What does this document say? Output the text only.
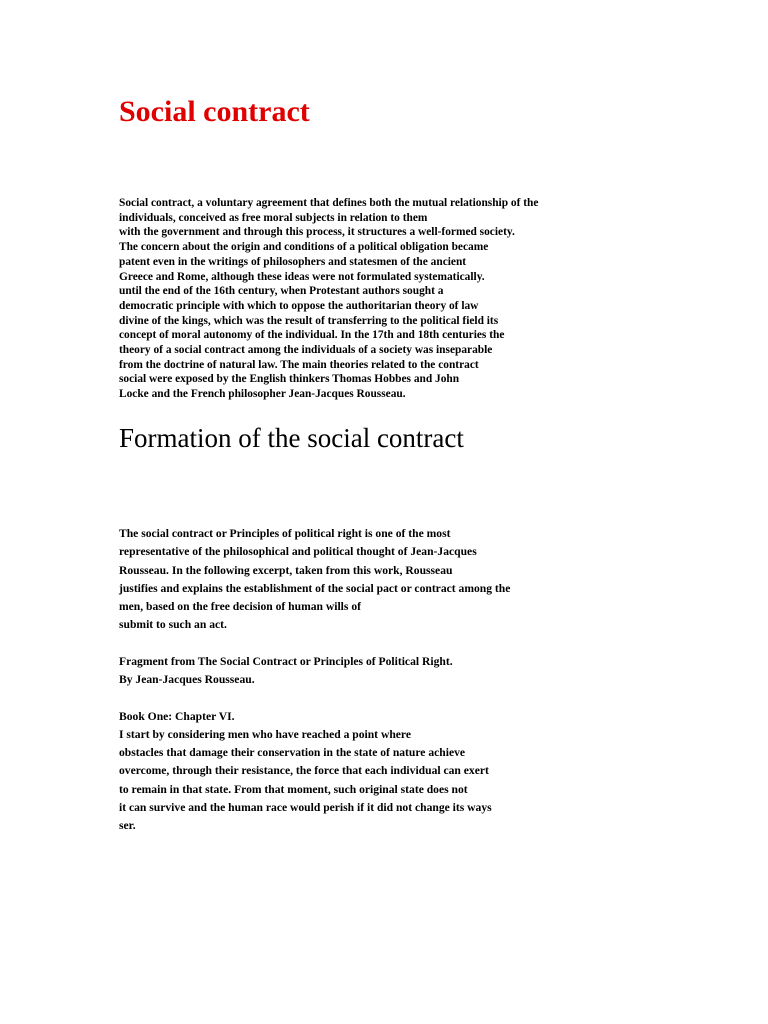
Social contract
Social contract, a voluntary agreement that defines both the mutual relationship of the
individuals, conceived as free moral subjects in relation to them
with the government and through this process, it structures a well-formed society.
The concern about the origin and conditions of a political obligation became
patent even in the writings of philosophers and statesmen of the ancient
Greece and Rome, although these ideas were not formulated systematically.
until the end of the 16th century, when Protestant authors sought a
democratic principle with which to oppose the authoritarian theory of law
divine of the kings, which was the result of transferring to the political field its
concept of moral autonomy of the individual. In the 17th and 18th centuries the
theory of a social contract among the individuals of a society was inseparable
from the doctrine of natural law. The main theories related to the contract
social were exposed by the English thinkers Thomas Hobbes and John
Locke and the French philosopher Jean-Jacques Rousseau.
Formation of the social contract
The social contract or Principles of political right is one of the most
representative of the philosophical and political thought of Jean-Jacques
Rousseau. In the following excerpt, taken from this work, Rousseau
justifies and explains the establishment of the social pact or contract among the
men, based on the free decision of human wills of
submit to such an act.
Fragment from The Social Contract or Principles of Political Right.
By Jean-Jacques Rousseau.
Book One: Chapter VI.
I start by considering men who have reached a point where
obstacles that damage their conservation in the state of nature achieve
overcome, through their resistance, the force that each individual can exert
to remain in that state. From that moment, such original state does not
it can survive and the human race would perish if it did not change its ways
ser.
